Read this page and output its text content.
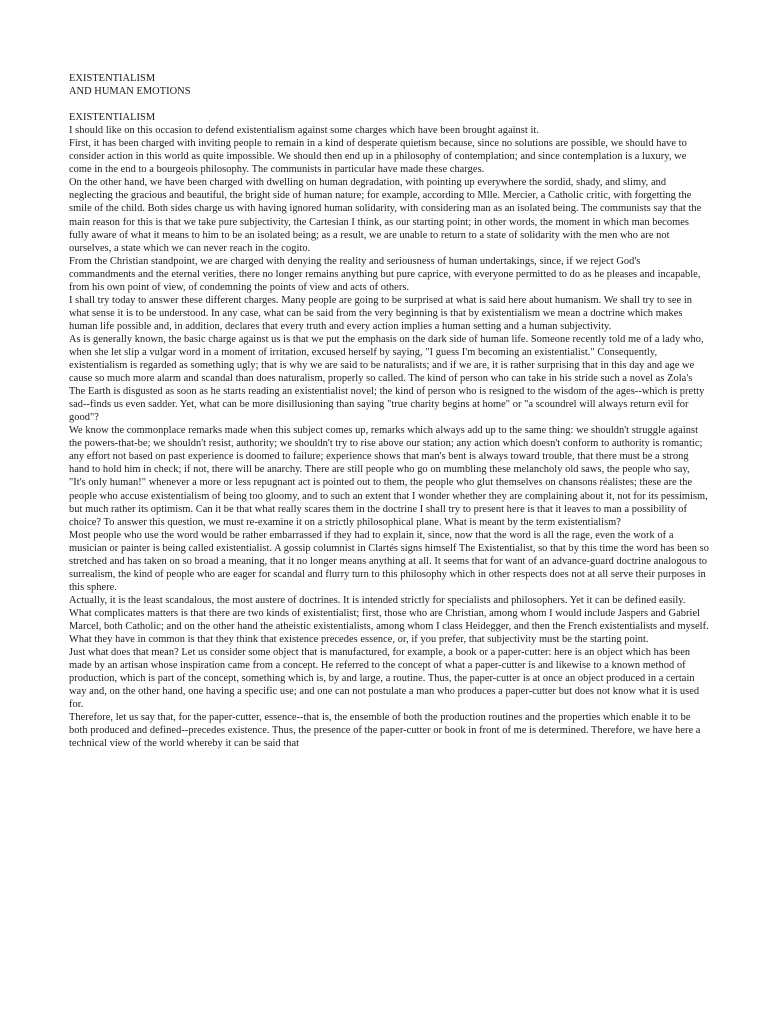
EXISTENTIALISM
AND HUMAN EMOTIONS
EXISTENTIALISM

I should like on this occasion to defend existentialism against some charges which have been brought against it.

First, it has been charged with inviting people to remain in a kind of desperate quietism because, since no solutions are possible, we should have to consider action in this world as quite impossible. We should then end up in a philosophy of contemplation; and since contemplation is a luxury, we come in the end to a bourgeois philosophy. The communists in particular have made these charges.

On the other hand, we have been charged with dwelling on human degradation, with pointing up everywhere the sordid, shady, and slimy, and neglecting the gracious and beautiful, the bright side of human nature; for example, according to Mlle. Mercier, a Catholic critic, with forgetting the smile of the child. Both sides charge us with having ignored human solidarity, with considering man as an isolated being. The communists say that the main reason for this is that we take pure subjectivity, the Cartesian I think, as our starting point; in other words, the moment in which man becomes fully aware of what it means to him to be an isolated being; as a result, we are unable to return to a state of solidarity with the men who are not ourselves, a state which we can never reach in the cogito.

From the Christian standpoint, we are charged with denying the reality and seriousness of human undertakings, since, if we reject God's commandments and the eternal verities, there no longer remains anything but pure caprice, with everyone permitted to do as he pleases and incapable, from his own point of view, of condemning the points of view and acts of others.

I shall try today to answer these different charges. Many people are going to be surprised at what is said here about humanism. We shall try to see in what sense it is to be understood. In any case, what can be said from the very beginning is that by existentialism we mean a doctrine which makes human life possible and, in addition, declares that every truth and every action implies a human setting and a human subjectivity.

As is generally known, the basic charge against us is that we put the emphasis on the dark side of human life. Someone recently told me of a lady who, when she let slip a vulgar word in a moment of irritation, excused herself by saying, "I guess I'm becoming an existentialist." Consequently, existentialism is regarded as something ugly; that is why we are said to be naturalists; and if we are, it is rather surprising that in this day and age we cause so much more alarm and scandal than does naturalism, properly so called. The kind of person who can take in his stride such a novel as Zola's The Earth is disgusted as soon as he starts reading an existentialist novel; the kind of person who is resigned to the wisdom of the ages--which is pretty sad--finds us even sadder. Yet, what can be more disillusioning than saying "true charity begins at home" or "a scoundrel will always return evil for good"?

We know the commonplace remarks made when this subject comes up, remarks which always add up to the same thing: we shouldn't struggle against the powers-that-be; we shouldn't resist, authority; we shouldn't try to rise above our station; any action which doesn't conform to authority is romantic; any effort not based on past experience is doomed to failure; experience shows that man's bent is always toward trouble, that there must be a strong hand to hold him in check; if not, there will be anarchy. There are still people who go on mumbling these melancholy old saws, the people who say, "It's only human!" whenever a more or less repugnant act is pointed out to them, the people who glut themselves on chansons réalistes; these are the people who accuse existentialism of being too gloomy, and to such an extent that I wonder whether they are complaining about it, not for its pessimism, but much rather its optimism. Can it be that what really scares them in the doctrine I shall try to present here is that it leaves to man a possibility of choice? To answer this question, we must re-examine it on a strictly philosophical plane. What is meant by the term existentialism?

Most people who use the word would be rather embarrassed if they had to explain it, since, now that the word is all the rage, even the work of a musician or painter is being called existentialist. A gossip columnist in Clartés signs himself The Existentialist, so that by this time the word has been so stretched and has taken on so broad a meaning, that it no longer means anything at all. It seems that for want of an advance-guard doctrine analogous to surrealism, the kind of people who are eager for scandal and flurry turn to this philosophy which in other respects does not at all serve their purposes in this sphere.

Actually, it is the least scandalous, the most austere of doctrines. It is intended strictly for specialists and philosophers. Yet it can be defined easily. What complicates matters is that there are two kinds of existentialist; first, those who are Christian, among whom I would include Jaspers and Gabriel Marcel, both Catholic; and on the other hand the atheistic existentialists, among whom I class Heidegger, and then the French existentialists and myself. What they have in common is that they think that existence precedes essence, or, if you prefer, that subjectivity must be the starting point.

Just what does that mean? Let us consider some object that is manufactured, for example, a book or a paper-cutter: here is an object which has been made by an artisan whose inspiration came from a concept. He referred to the concept of what a paper-cutter is and likewise to a known method of production, which is part of the concept, something which is, by and large, a routine. Thus, the paper-cutter is at once an object produced in a certain way and, on the other hand, one having a specific use; and one can not postulate a man who produces a paper-cutter but does not know what it is used for.

Therefore, let us say that, for the paper-cutter, essence--that is, the ensemble of both the production routines and the properties which enable it to be both produced and defined--precedes existence. Thus, the presence of the paper-cutter or book in front of me is determined. Therefore, we have here a technical view of the world whereby it can be said that
